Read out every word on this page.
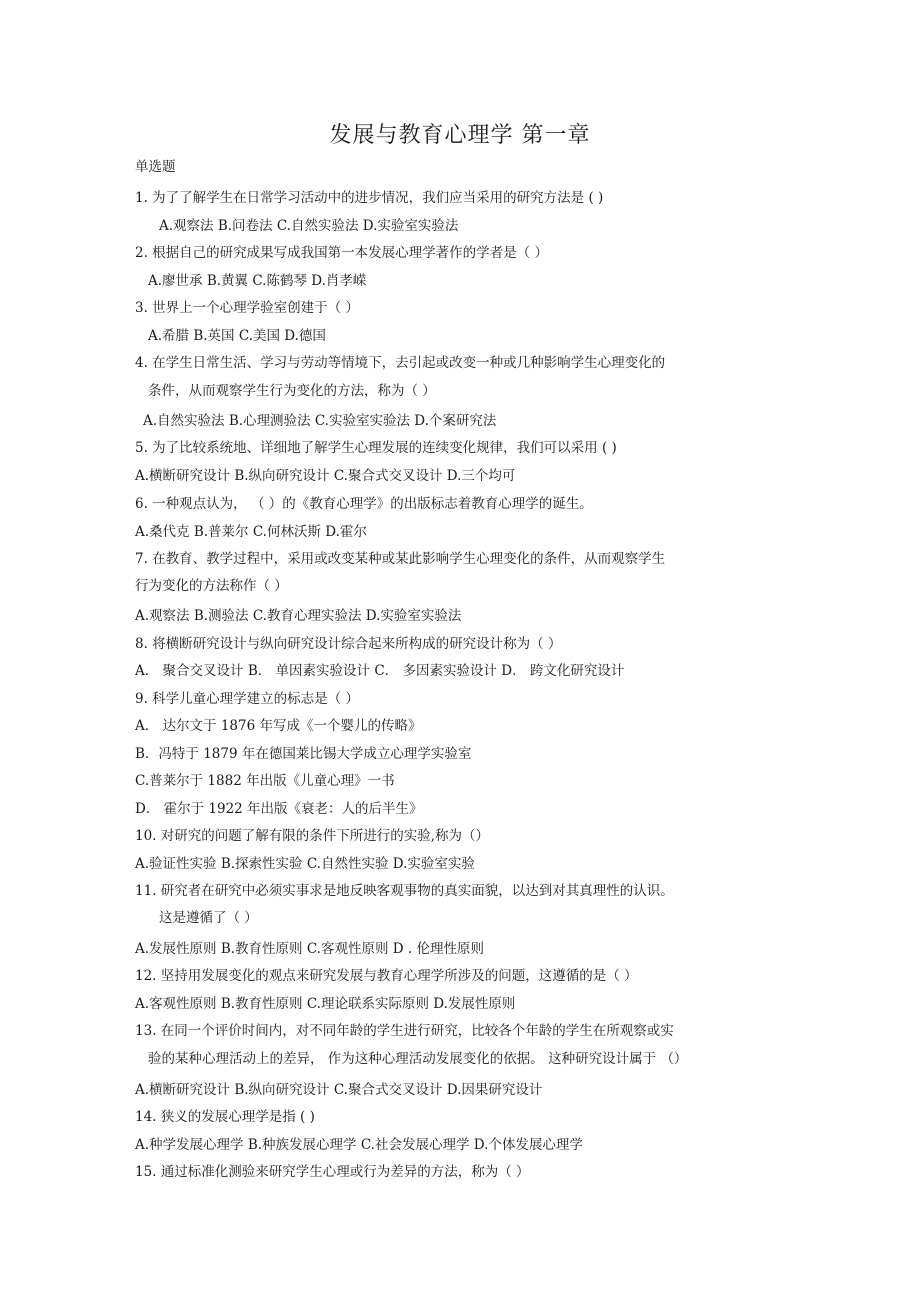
发展与教育心理学 第一章
单选题
1. 为了了解学生在日常学习活动中的进步情况，我们应当采用的研究方法是 ( )
A.观察法 B.问卷法 C.自然实验法 D.实验室实验法
2. 根据自己的研究成果写成我国第一本发展心理学著作的学者是（ ）
A.廖世承 B.黄翼 C.陈鹤琴 D.肖孝嵘
3. 世界上一个心理学验室创建于（ ）
A.希腊 B.英国 C.美国 D.德国
4. 在学生日常生活、学习与劳动等情境下，去引起或改变一种或几种影响学生心理变化的
条件，从而观察学生行为变化的方法，称为（ ）
A.自然实验法 B.心理测验法 C.实验室实验法 D.个案研究法
5. 为了比较系统地、详细地了解学生心理发展的连续变化规律，我们可以采用 ( )
A.横断研究设计 B.纵向研究设计 C.聚合式交叉设计 D.三个均可
6. 一种观点认为， （ ）的《教育心理学》的出版标志着教育心理学的诞生。
A.桑代克 B.普莱尔 C.何林沃斯 D.霍尔
7. 在教育、教学过程中，采用或改变某种或某此影响学生心理变化的条件，从而观察学生
行为变化的方法称作（ ）
A.观察法 B.测验法 C.教育心理实验法 D.实验室实验法
8. 将横断研究设计与纵向研究设计综合起来所构成的研究设计称为（ ）
A． 聚合交叉设计 B． 单因素实验设计 C． 多因素实验设计 D． 跨文化研究设计
9. 科学儿童心理学建立的标志是（ ）
A． 达尔文于 1876 年写成《一个婴儿的传略》
B．冯特于 1879 年在德国莱比锡大学成立心理学实验室
C.普莱尔于 1882 年出版《儿童心理》一书
D． 霍尔于 1922 年出版《衰老：人的后半生》
10. 对研究的问题了解有限的条件下所进行的实验,称为（）
A.验证性实验 B.探索性实验 C.自然性实验 D.实验室实验
11. 研究者在研究中必须实事求是地反映客观事物的真实面貌，以达到对其真理性的认识。
这是遵循了（ ）
A.发展性原则 B.教育性原则 C.客观性原则 D . 伦理性原则
12. 坚持用发展变化的观点来研究发展与教育心理学所涉及的问题，这遵循的是（ ）
A.客观性原则 B.教育性原则 C.理论联系实际原则 D.发展性原则
13. 在同一个评价时间内，对不同年龄的学生进行研究，比较各个年龄的学生在所观察或实
验的某种心理活动上的差异， 作为这种心理活动发展变化的依据。 这种研究设计属于 （）
A.横断研究设计 B.纵向研究设计 C.聚合式交叉设计 D.因果研究设计
14. 狭义的发展心理学是指 ( )
A.种学发展心理学 B.种族发展心理学 C.社会发展心理学 D.个体发展心理学
15. 通过标准化测验来研究学生心理或行为差异的方法，称为（ ）
